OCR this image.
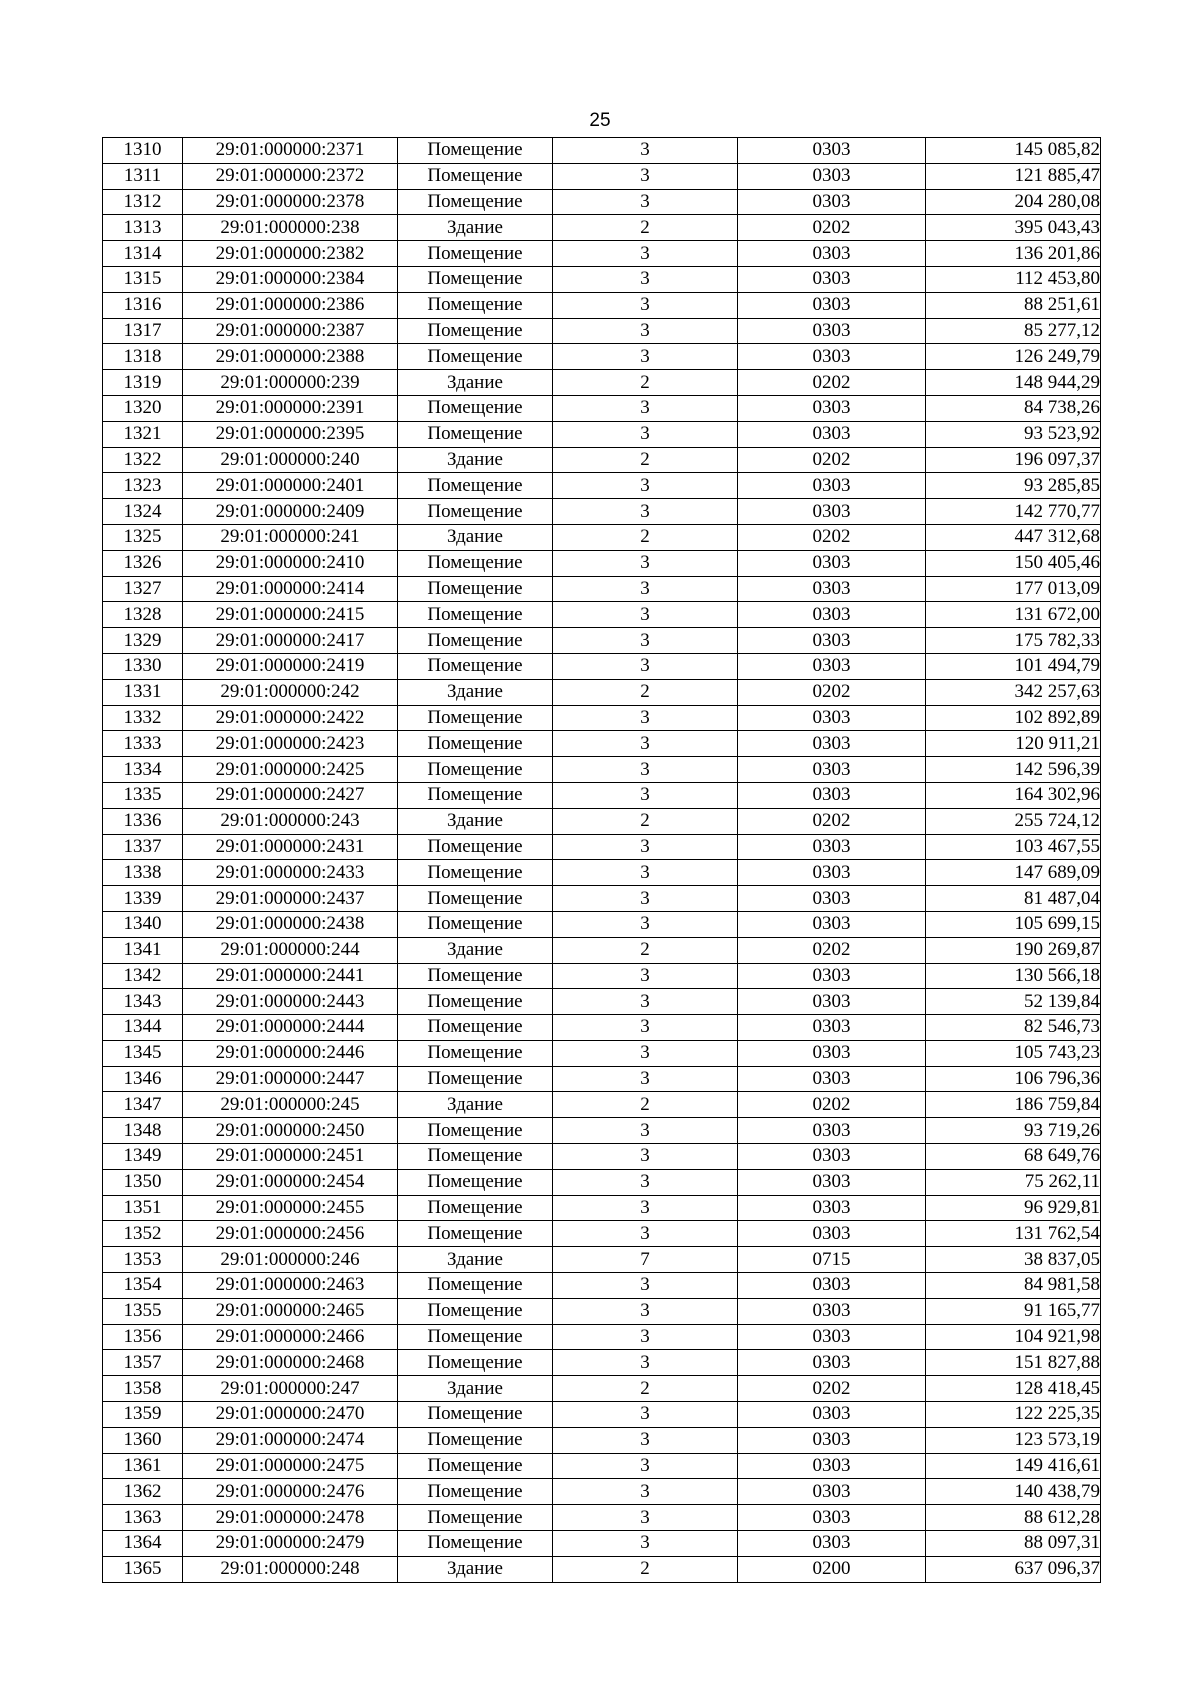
25
1310	29:01:000000:2371	Помещение	3	0303	145 085,82
1311	29:01:000000:2372	Помещение	3	0303	121 885,47
1312	29:01:000000:2378	Помещение	3	0303	204 280,08
1313	29:01:000000:238	Здание	2	0202	395 043,43
1314	29:01:000000:2382	Помещение	3	0303	136 201,86
1315	29:01:000000:2384	Помещение	3	0303	112 453,80
1316	29:01:000000:2386	Помещение	3	0303	88 251,61
1317	29:01:000000:2387	Помещение	3	0303	85 277,12
1318	29:01:000000:2388	Помещение	3	0303	126 249,79
1319	29:01:000000:239	Здание	2	0202	148 944,29
1320	29:01:000000:2391	Помещение	3	0303	84 738,26
1321	29:01:000000:2395	Помещение	3	0303	93 523,92
1322	29:01:000000:240	Здание	2	0202	196 097,37
1323	29:01:000000:2401	Помещение	3	0303	93 285,85
1324	29:01:000000:2409	Помещение	3	0303	142 770,77
1325	29:01:000000:241	Здание	2	0202	447 312,68
1326	29:01:000000:2410	Помещение	3	0303	150 405,46
1327	29:01:000000:2414	Помещение	3	0303	177 013,09
1328	29:01:000000:2415	Помещение	3	0303	131 672,00
1329	29:01:000000:2417	Помещение	3	0303	175 782,33
1330	29:01:000000:2419	Помещение	3	0303	101 494,79
1331	29:01:000000:242	Здание	2	0202	342 257,63
1332	29:01:000000:2422	Помещение	3	0303	102 892,89
1333	29:01:000000:2423	Помещение	3	0303	120 911,21
1334	29:01:000000:2425	Помещение	3	0303	142 596,39
1335	29:01:000000:2427	Помещение	3	0303	164 302,96
1336	29:01:000000:243	Здание	2	0202	255 724,12
1337	29:01:000000:2431	Помещение	3	0303	103 467,55
1338	29:01:000000:2433	Помещение	3	0303	147 689,09
1339	29:01:000000:2437	Помещение	3	0303	81 487,04
1340	29:01:000000:2438	Помещение	3	0303	105 699,15
1341	29:01:000000:244	Здание	2	0202	190 269,87
1342	29:01:000000:2441	Помещение	3	0303	130 566,18
1343	29:01:000000:2443	Помещение	3	0303	52 139,84
1344	29:01:000000:2444	Помещение	3	0303	82 546,73
1345	29:01:000000:2446	Помещение	3	0303	105 743,23
1346	29:01:000000:2447	Помещение	3	0303	106 796,36
1347	29:01:000000:245	Здание	2	0202	186 759,84
1348	29:01:000000:2450	Помещение	3	0303	93 719,26
1349	29:01:000000:2451	Помещение	3	0303	68 649,76
1350	29:01:000000:2454	Помещение	3	0303	75 262,11
1351	29:01:000000:2455	Помещение	3	0303	96 929,81
1352	29:01:000000:2456	Помещение	3	0303	131 762,54
1353	29:01:000000:246	Здание	7	0715	38 837,05
1354	29:01:000000:2463	Помещение	3	0303	84 981,58
1355	29:01:000000:2465	Помещение	3	0303	91 165,77
1356	29:01:000000:2466	Помещение	3	0303	104 921,98
1357	29:01:000000:2468	Помещение	3	0303	151 827,88
1358	29:01:000000:247	Здание	2	0202	128 418,45
1359	29:01:000000:2470	Помещение	3	0303	122 225,35
1360	29:01:000000:2474	Помещение	3	0303	123 573,19
1361	29:01:000000:2475	Помещение	3	0303	149 416,61
1362	29:01:000000:2476	Помещение	3	0303	140 438,79
1363	29:01:000000:2478	Помещение	3	0303	88 612,28
1364	29:01:000000:2479	Помещение	3	0303	88 097,31
1365	29:01:000000:248	Здание	2	0200	637 096,37
